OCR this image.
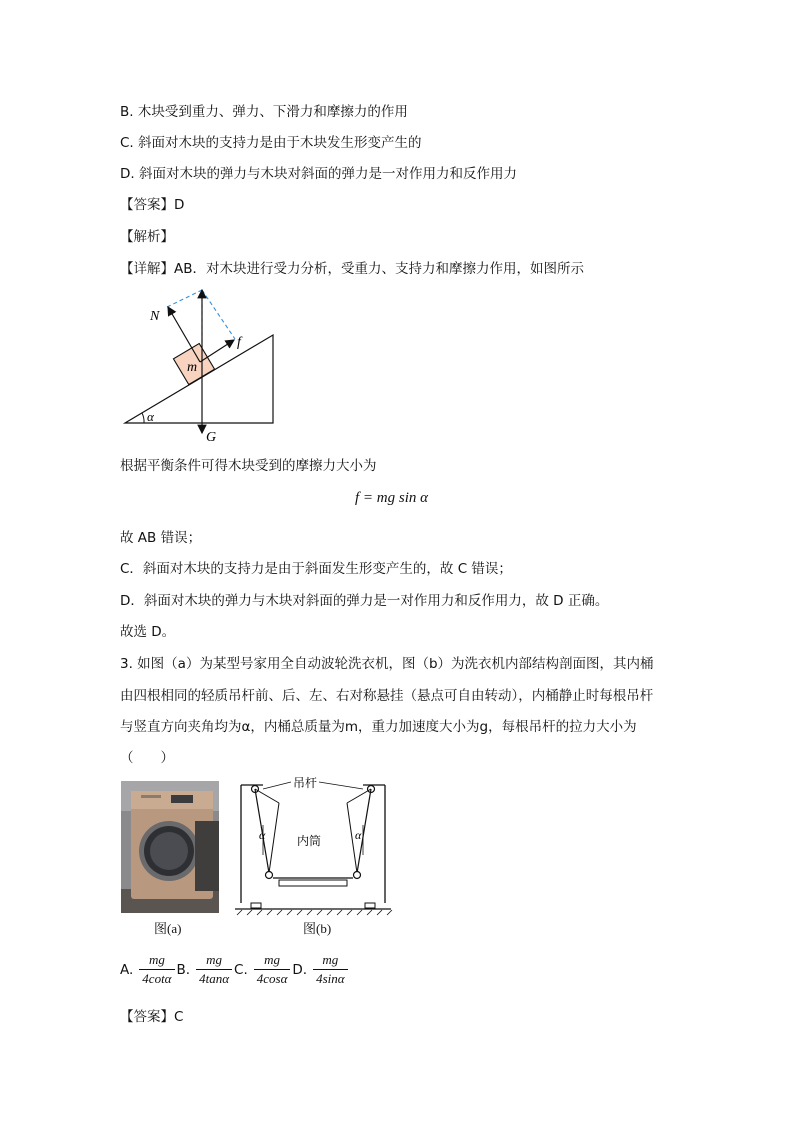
B. 木块受到重力、弹力、下滑力和摩擦力的作用
C. 斜面对木块的支持力是由于木块发生形变产生的
D. 斜面对木块的弹力与木块对斜面的弹力是一对作用力和反作用力
【答案】D
【解析】
【详解】AB．对木块进行受力分析，受重力、支持力和摩擦力作用，如图所示
N
f
m
α
G
根据平衡条件可得木块受到的摩擦力大小为
f = mg sin α
故 AB 错误；
C．斜面对木块的支持力是由于斜面发生形变产生的，故 C 错误；
D．斜面对木块的弹力与木块对斜面的弹力是一对作用力和反作用力，故 D 正确。
故选 D。
3. 如图（a）为某型号家用全自动波轮洗衣机，图（b）为洗衣机内部结构剖面图，其内桶
由四根相同的轻质吊杆前、后、左、右对称悬挂（悬点可自由转动），内桶静止时每根吊杆
与竖直方向夹角均为α，内桶总质量为m，重力加速度大小为g，每根吊杆的拉力大小为
（　　）
图(a)
吊杆
内筒
α	α
图(b)
A. $\frac{mg}{4\cot\alpha} B$. $\frac{mg}{4\tan\alpha} C$. $\frac{mg}{4\cos\alpha} D$. $\frac{mg}{4\sin\alpha}$
【答案】C
